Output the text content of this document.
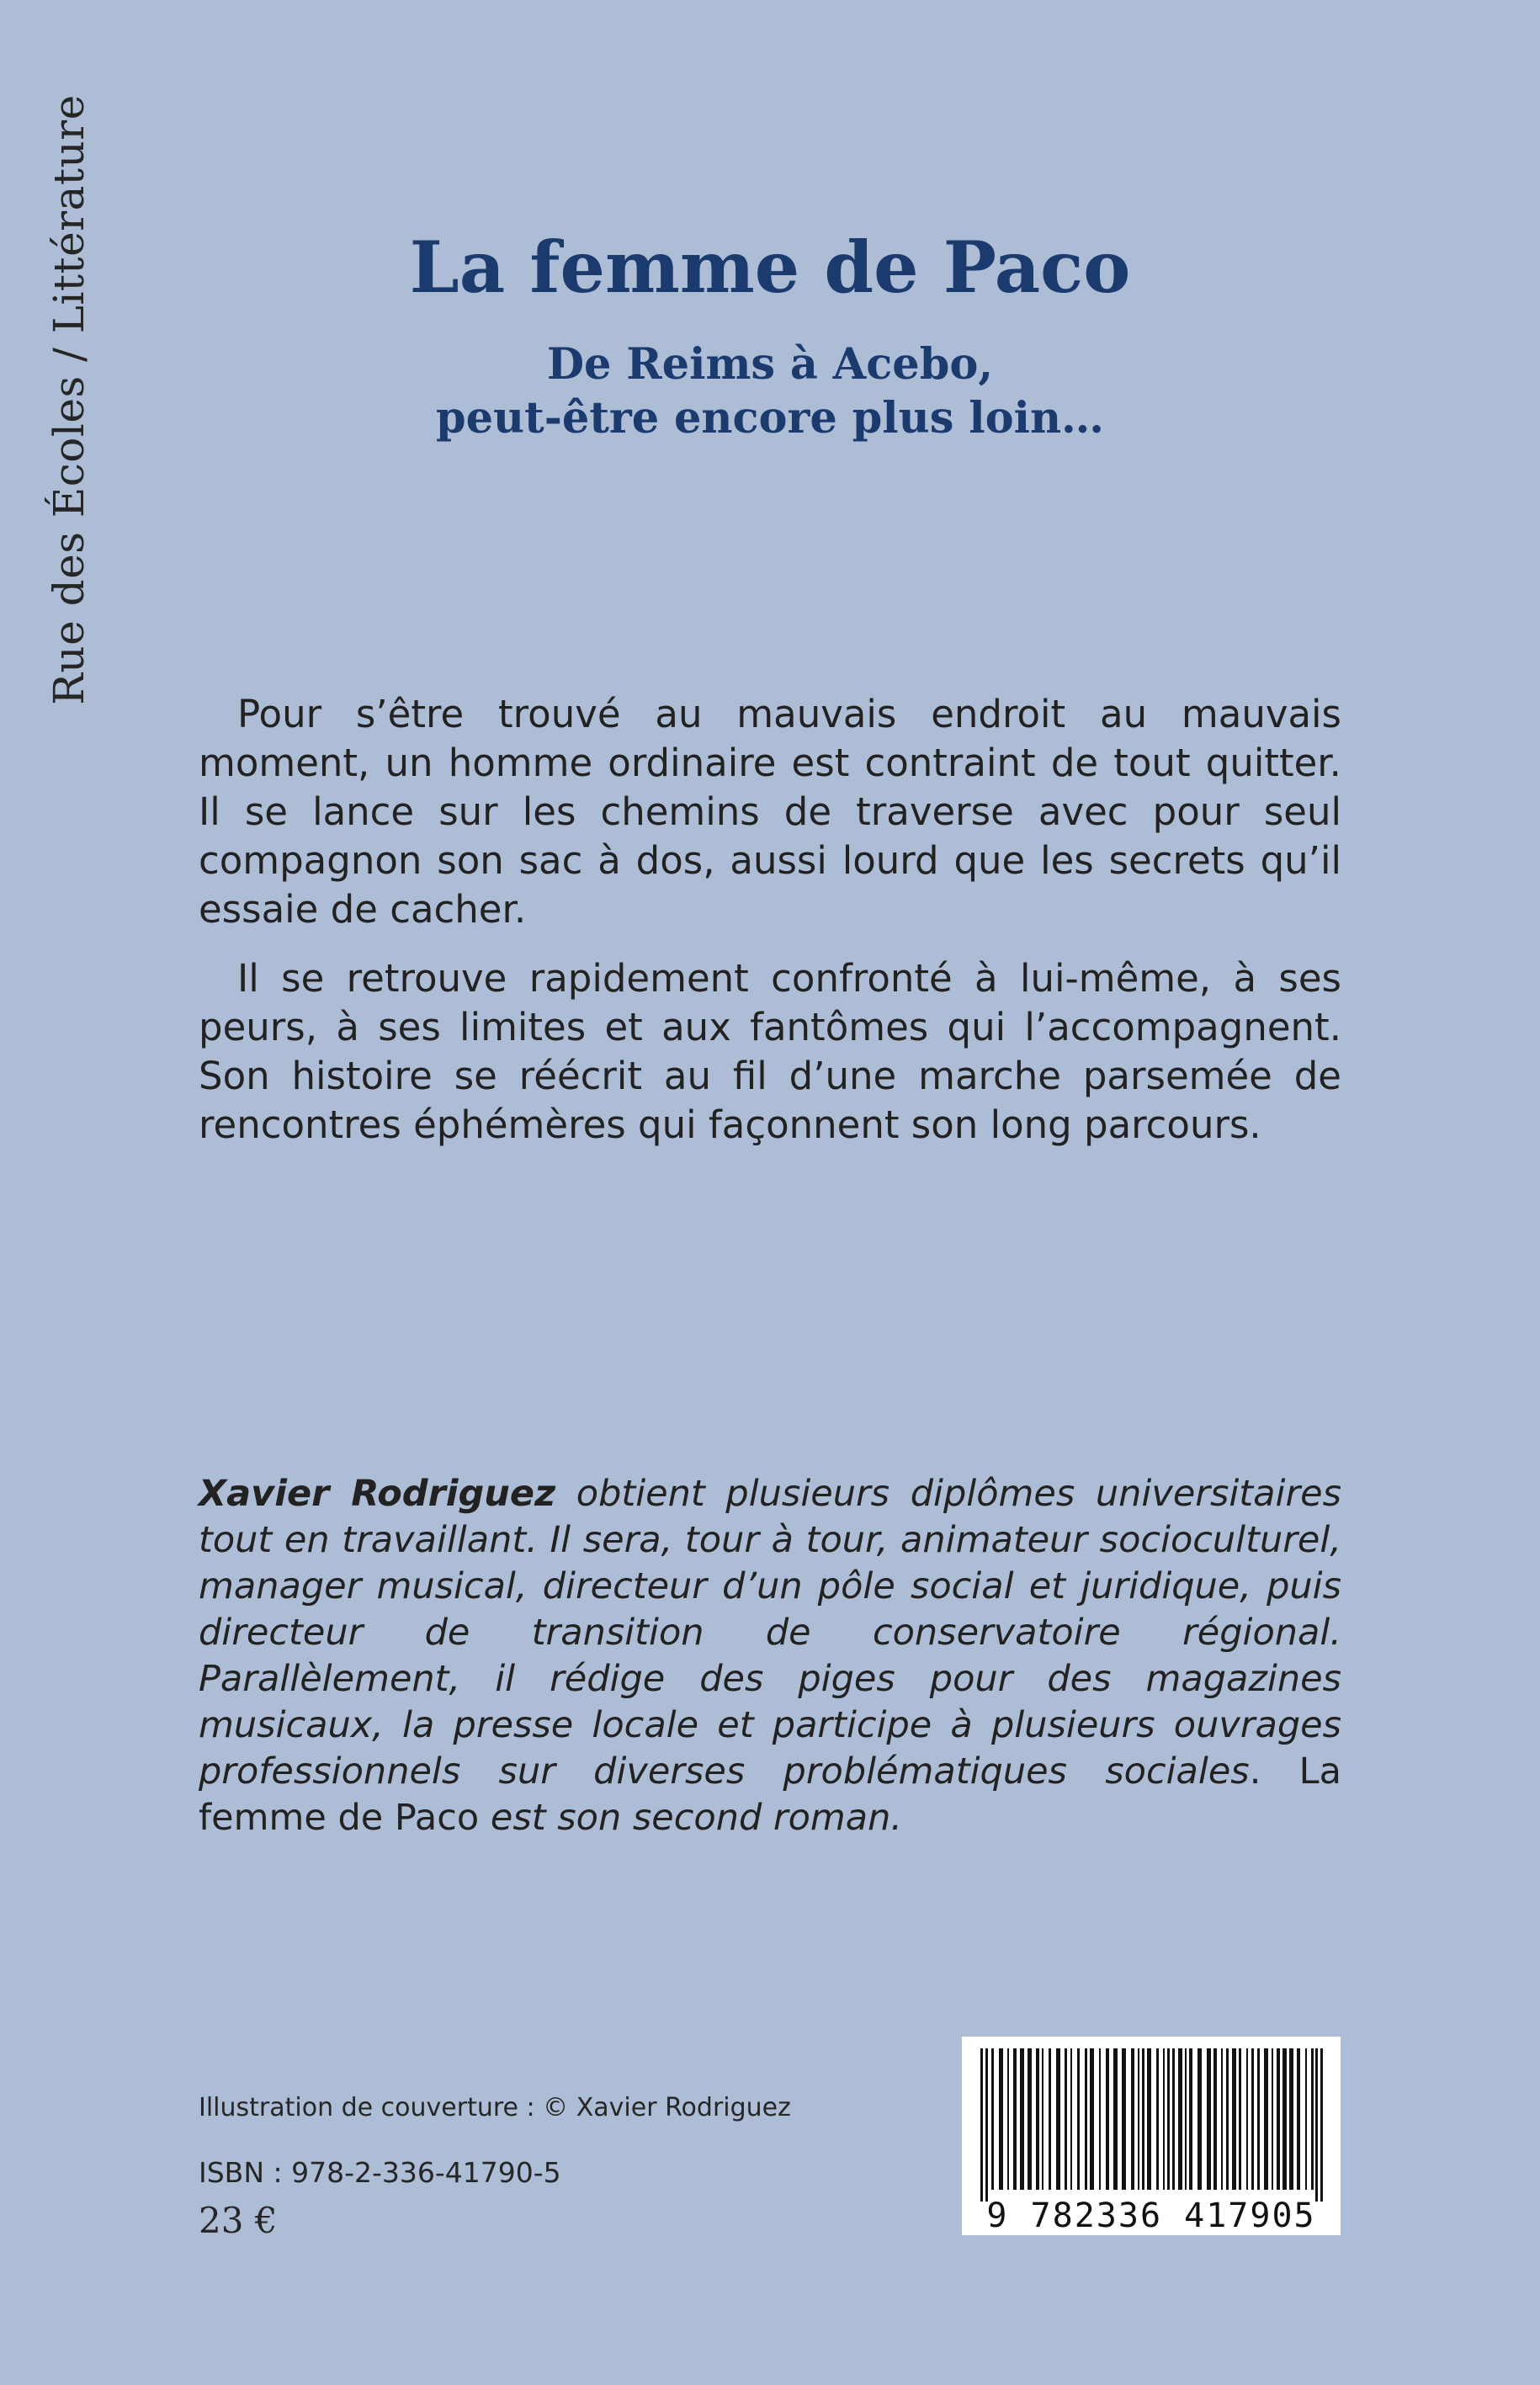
Rue des Écoles / Littérature	La femme de Paco
De Reims à Acebo,
peut-être encore plus loin…

Pour s’être trouvé au mauvais endroit au mauvais moment, un homme ordinaire est contraint de tout quitter. Il se lance sur les chemins de traverse avec pour seul compagnon son sac à dos, aussi lourd que les secrets qu’il essaie de cacher.

Il se retrouve rapidement confronté à lui-même, à ses peurs, à ses limites et aux fantômes qui l’accompagnent. Son histoire se réécrit au fil d’une marche parsemée de rencontres éphémères qui façonnent son long parcours.

Xavier Rodriguez obtient plusieurs diplômes universitaires tout en travaillant. Il sera, tour à tour, animateur socioculturel, manager musical, directeur d’un pôle social et juridique, puis directeur de transition de conservatoire régional. Parallèlement, il rédige des piges pour des magazines musicaux, la presse locale et participe à plusieurs ouvrages professionnels sur diverses problématiques sociales. La femme de Paco est son second roman.
Illustration de couverture : © Xavier Rodriguez
ISBN : 978-2-336-41790-5
23 €	9 782336 417905
